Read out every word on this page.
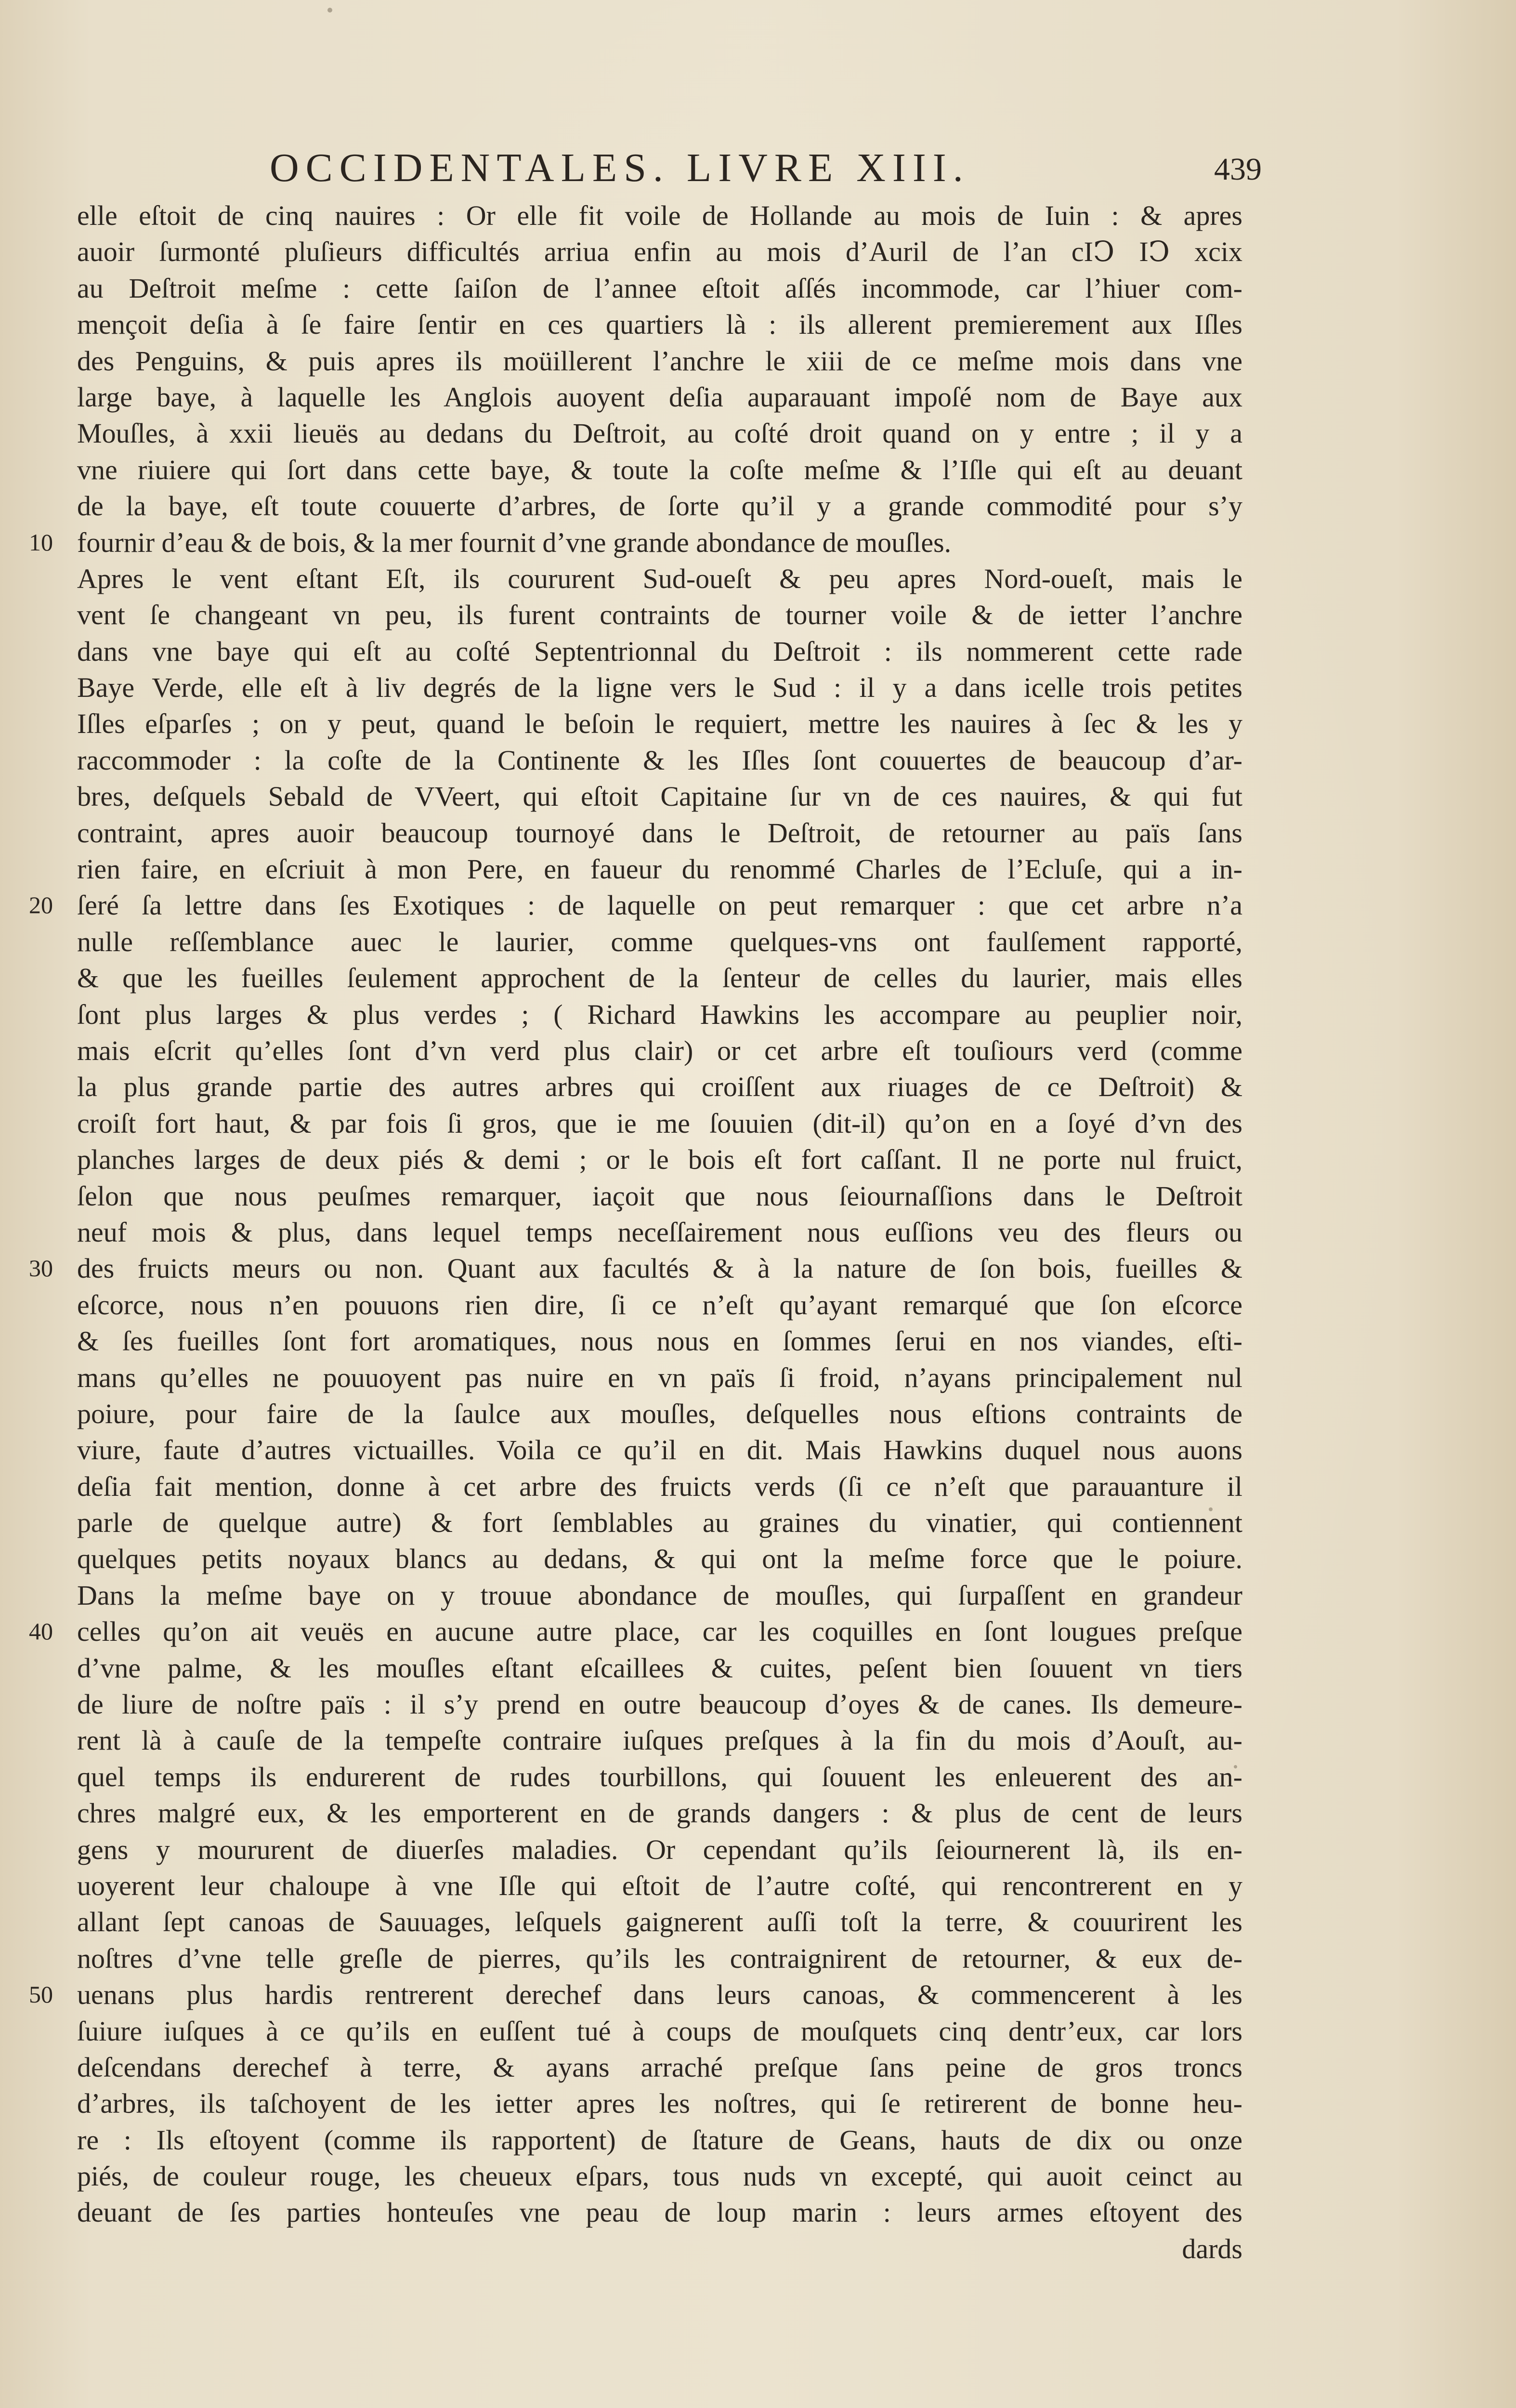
OCCIDENTALES. LIVRE XIII.	439
elle eſtoit de cinq nauires : Or elle fit voile de Hollande au mois de Iuin : & apres
auoir ſurmonté pluſieurs difficultés arriua enfin au mois d’Auril de l’an cIↃ IↃ xcix
au Deſtroit meſme : cette ſaiſon de l’annee eſtoit aſſés incommode, car l’hiuer com-
mençoit deſia à ſe faire ſentir en ces quartiers là : ils allerent premierement aux Iſles
des Penguins, & puis apres ils moüillerent l’anchre le xiii de ce meſme mois dans vne
large baye, à laquelle les Anglois auoyent deſia auparauant impoſé nom de Baye aux
Mouſles, à xxii lieuës au dedans du Deſtroit, au coſté droit quand on y entre ; il y a
vne riuiere qui ſort dans cette baye, & toute la coſte meſme & l’Iſle qui eſt au deuant
de la baye, eſt toute couuerte d’arbres, de ſorte qu’il y a grande commodité pour s’y
10 fournir d’eau & de bois, & la mer fournit d’vne grande abondance de mouſles.
Apres le vent eſtant Eſt, ils coururent Sud-oueſt & peu apres Nord-oueſt, mais le
vent ſe changeant vn peu, ils furent contraints de tourner voile & de ietter l’anchre
dans vne baye qui eſt au coſté Septentrionnal du Deſtroit : ils nommerent cette rade
Baye Verde, elle eſt à liv degrés de la ligne vers le Sud : il y a dans icelle trois petites
Iſles eſparſes ; on y peut, quand le beſoin le requiert, mettre les nauires à ſec & les y
raccommoder : la coſte de la Continente & les Iſles ſont couuertes de beaucoup d’ar-
bres, deſquels Sebald de VVeert, qui eſtoit Capitaine ſur vn de ces nauires, & qui fut
contraint, apres auoir beaucoup tournoyé dans le Deſtroit, de retourner au païs ſans
rien faire, en eſcriuit à mon Pere, en faueur du renommé Charles de l’Ecluſe, qui a in-
20 ſeré ſa lettre dans ſes Exotiques : de laquelle on peut remarquer : que cet arbre n’a
nulle reſſemblance auec le laurier, comme quelques-vns ont faulſement rapporté,
& que les fueilles ſeulement approchent de la ſenteur de celles du laurier, mais elles
ſont plus larges & plus verdes ; ( Richard Hawkins les accompare au peuplier noir,
mais eſcrit qu’elles ſont d’vn verd plus clair) or cet arbre eſt touſiours verd (comme
la plus grande partie des autres arbres qui croiſſent aux riuages de ce Deſtroit) &
croiſt fort haut, & par fois ſi gros, que ie me ſouuien (dit-il) qu’on en a ſoyé d’vn des
planches larges de deux piés & demi ; or le bois eſt fort caſſant. Il ne porte nul fruict,
ſelon que nous peuſmes remarquer, iaçoit que nous ſeiournaſſions dans le Deſtroit
neuf mois & plus, dans lequel temps neceſſairement nous euſſions veu des fleurs ou
30 des fruicts meurs ou non. Quant aux facultés & à la nature de ſon bois, fueilles &
eſcorce, nous n’en pouuons rien dire, ſi ce n’eſt qu’ayant remarqué que ſon eſcorce
& ſes fueilles ſont fort aromatiques, nous nous en ſommes ſerui en nos viandes, eſti-
mans qu’elles ne pouuoyent pas nuire en vn païs ſi froid, n’ayans principalement nul
poiure, pour faire de la ſaulce aux mouſles, deſquelles nous eſtions contraints de
viure, faute d’autres victuailles. Voila ce qu’il en dit. Mais Hawkins duquel nous auons
deſia fait mention, donne à cet arbre des fruicts verds (ſi ce n’eſt que parauanture il
parle de quelque autre) & fort ſemblables au graines du vinatier, qui contiennent
quelques petits noyaux blancs au dedans, & qui ont la meſme force que le poiure.
Dans la meſme baye on y trouue abondance de mouſles, qui ſurpaſſent en grandeur
40 celles qu’on ait veuës en aucune autre place, car les coquilles en ſont lougues preſque
d’vne palme, & les mouſles eſtant eſcaillees & cuites, peſent bien ſouuent vn tiers
de liure de noſtre païs : il s’y prend en outre beaucoup d’oyes & de canes. Ils demeure-
rent là à cauſe de la tempeſte contraire iuſques preſques à la fin du mois d’Aouſt, au-
quel temps ils endurerent de rudes tourbillons, qui ſouuent les enleuerent des an-
chres malgré eux, & les emporterent en de grands dangers : & plus de cent de leurs
gens y moururent de diuerſes maladies. Or cependant qu’ils ſeiournerent là, ils en-
uoyerent leur chaloupe à vne Iſle qui eſtoit de l’autre coſté, qui rencontrerent en y
allant ſept canoas de Sauuages, leſquels gaignerent auſſi toſt la terre, & couurirent les
noſtres d’vne telle greſle de pierres, qu’ils les contraignirent de retourner, & eux de-
50 uenans plus hardis rentrerent derechef dans leurs canoas, & commencerent à les
ſuiure iuſques à ce qu’ils en euſſent tué à coups de mouſquets cinq dentr’eux, car lors
deſcendans derechef à terre, & ayans arraché preſque ſans peine de gros troncs
d’arbres, ils taſchoyent de les ietter apres les noſtres, qui ſe retirerent de bonne heu-
re : Ils eſtoyent (comme ils rapportent) de ſtature de Geans, hauts de dix ou onze
piés, de couleur rouge, les cheueux eſpars, tous nuds vn excepté, qui auoit ceinct au
deuant de ſes parties honteuſes vne peau de loup marin : leurs armes eſtoyent des
dards
